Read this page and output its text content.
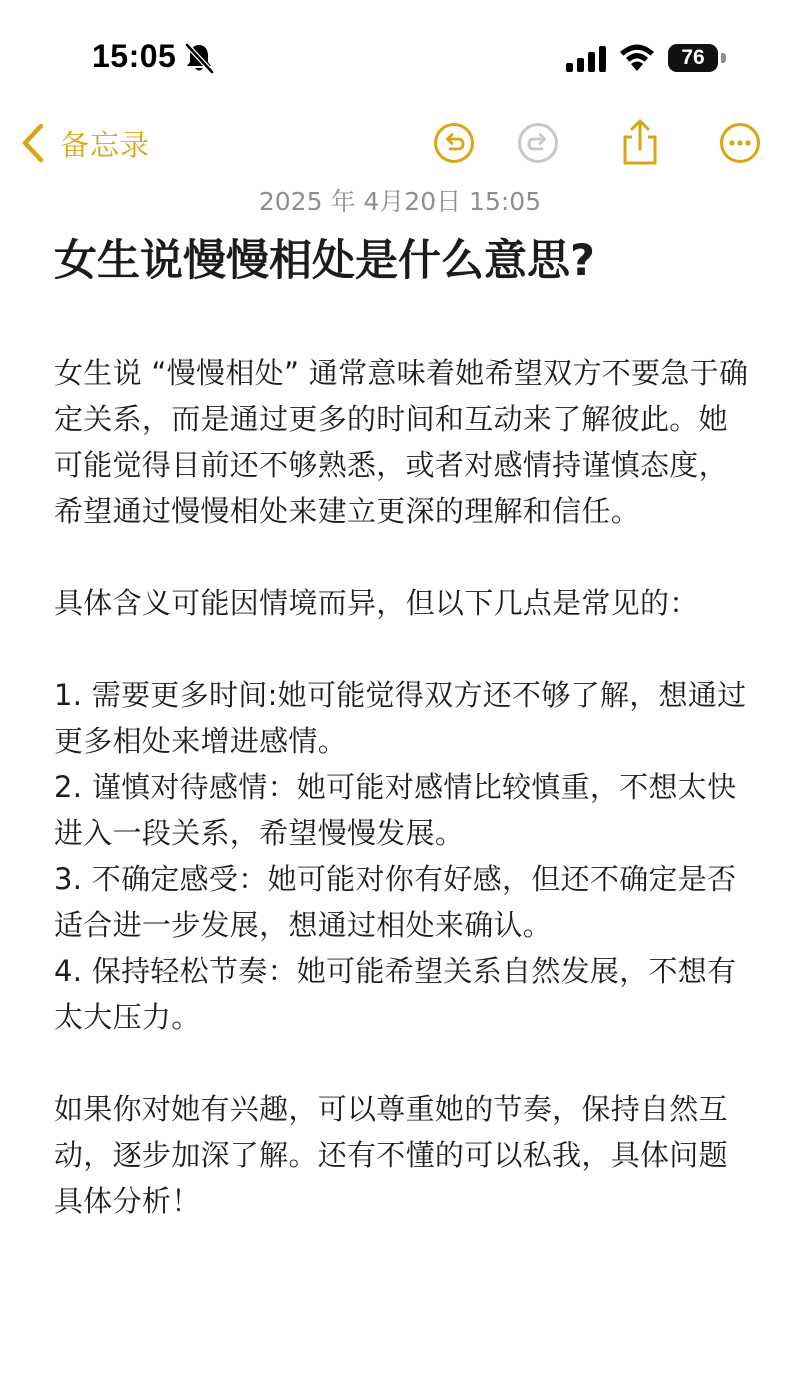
15:05	76
备忘录
2025 年 4月20日 15:05
女生说慢慢相处是什么意思?

女生说 “慢慢相处” 通常意味着她希望双方不要急于确定关系，而是通过更多的时间和互动来了解彼此。她可能觉得目前还不够熟悉，或者对感情持谨慎态度，希望通过慢慢相处来建立更深的理解和信任。

具体含义可能因情境而异，但以下几点是常见的：

1. 需要更多时间:她可能觉得双方还不够了解，想通过更多相处来增进感情。

2. 谨慎对待感情：她可能对感情比较慎重，不想太快进入一段关系，希望慢慢发展。

3. 不确定感受：她可能对你有好感，但还不确定是否适合进一步发展，想通过相处来确认。

4. 保持轻松节奏：她可能希望关系自然发展，不想有太大压力。

如果你对她有兴趣，可以尊重她的节奏，保持自然互动，逐步加深了解。还有不懂的可以私我，具体问题具体分析！
